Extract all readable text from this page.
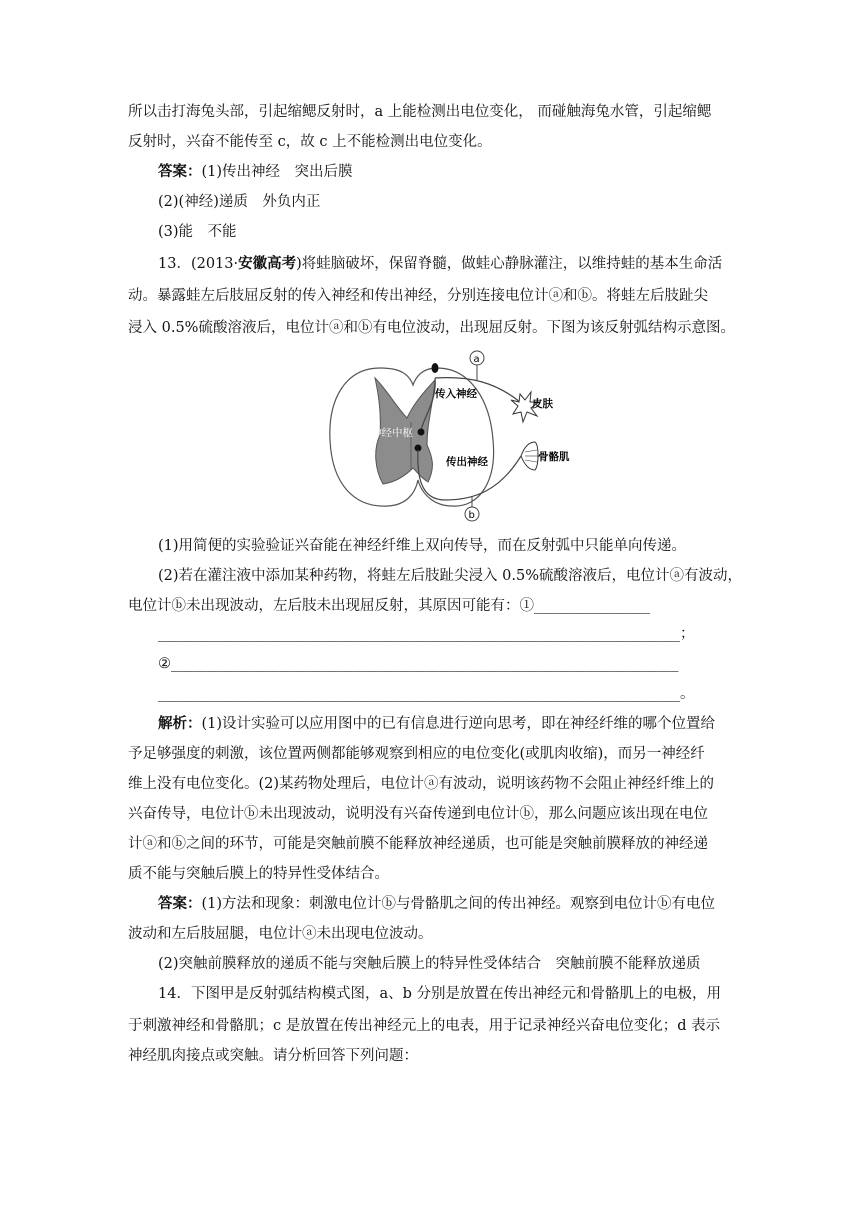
所以击打海兔头部，引起缩鳃反射时，a 上能检测出电位变化， 而碰触海兔水管，引起缩鳃
反射时，兴奋不能传至 c，故 c 上不能检测出电位变化。
答案：(1)传出神经　突出后膜
(2)(神经)递质　外负内正
(3)能　不能
13．(2013·安徽高考)将蛙脑破坏，保留脊髓，做蛙心静脉灌注，以维持蛙的基本生命活
动。暴露蛙左后肢屈反射的传入神经和传出神经，分别连接电位计ⓐ和ⓑ。将蛙左后肢趾尖
浸入 0.5%硫酸溶液后，电位计ⓐ和ⓑ有电位波动，出现屈反射。下图为该反射弧结构示意图。
神经中枢
a
传入神经
皮肤
传出神经
b
骨骼肌
(1)用简便的实验验证兴奋能在神经纤维上双向传导，而在反射弧中只能单向传递。
(2)若在灌注液中添加某种药物，将蛙左后肢趾尖浸入 0.5%硫酸溶液后，电位计ⓐ有波动，
电位计ⓑ未出现波动，左后肢未出现屈反射，其原因可能有：①________________
________________________________________________________________________；
②______________________________________________________________________
________________________________________________________________________。
解析：(1)设计实验可以应用图中的已有信息进行逆向思考，即在神经纤维的哪个位置给
予足够强度的刺激，该位置两侧都能够观察到相应的电位变化(或肌肉收缩)，而另一神经纤
维上没有电位变化。(2)某药物处理后，电位计ⓐ有波动，说明该药物不会阻止神经纤维上的
兴奋传导，电位计ⓑ未出现波动，说明没有兴奋传递到电位计ⓑ，那么问题应该出现在电位
计ⓐ和ⓑ之间的环节，可能是突触前膜不能释放神经递质，也可能是突触前膜释放的神经递
质不能与突触后膜上的特异性受体结合。
答案：(1)方法和现象：刺激电位计ⓑ与骨骼肌之间的传出神经。观察到电位计ⓑ有电位
波动和左后肢屈腿，电位计ⓐ未出现电位波动。
(2)突触前膜释放的递质不能与突触后膜上的特异性受体结合　突触前膜不能释放递质
14．下图甲是反射弧结构模式图，a、b 分别是放置在传出神经元和骨骼肌上的电极，用
于刺激神经和骨骼肌；c 是放置在传出神经元上的电表，用于记录神经兴奋电位变化；d 表示
神经肌肉接点或突触。请分析回答下列问题：
